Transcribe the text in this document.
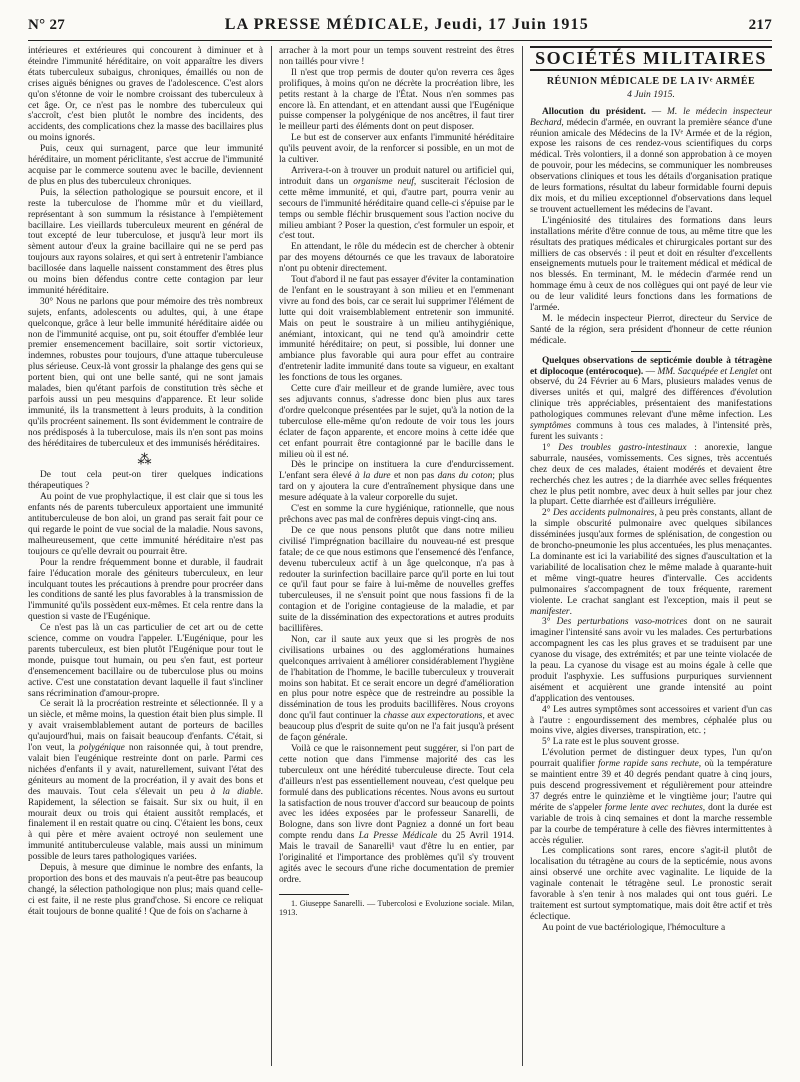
N° 27	LA PRESSE MÉDICALE, Jeudi, 17 Juin 1915	217

intérieures et extérieures qui concourent à diminuer et à éteindre l'immunité héréditaire, on voit apparaître les divers états tuberculeux subaigus, chroniques, émaillés ou non de crises aiguës bénignes ou graves de l'adolescence. C'est alors qu'on s'étonne de voir le nombre croissant des tuberculeux à cet âge. Or, ce n'est pas le nombre des tuberculeux qui s'accroît, c'est bien plutôt le nombre des incidents, des accidents, des complications chez la masse des bacillaires plus ou moins ignorés.

Puis, ceux qui surnagent, parce que leur immunité héréditaire, un moment périclitante, s'est accrue de l'immunité acquise par le commerce soutenu avec le bacille, deviennent de plus en plus des tuberculeux chroniques.

Puis, la sélection pathologique se poursuit encore, et il reste la tuberculose de l'homme mûr et du vieillard, représentant à son summum la résistance à l'empiètement bacillaire. Les vieillards tuberculeux meurent en général de tout excepté de leur tuberculose, et jusqu'à leur mort ils sèment autour d'eux la graine bacillaire qui ne se perd pas toujours aux rayons solaires, et qui sert à entretenir l'ambiance bacillosée dans laquelle naissent constamment des êtres plus ou moins bien défendus contre cette contagion par leur immunité héréditaire.

30° Nous ne parlons que pour mémoire des très nombreux sujets, enfants, adolescents ou adultes, qui, à une étape quelconque, grâce à leur belle immunité héréditaire aidée ou non de l'immunité acquise, ont pu, soit étouffer d'emblée leur premier ensemencement bacillaire, soit sortir victorieux, indemnes, robustes pour toujours, d'une attaque tuberculeuse plus sérieuse. Ceux-là vont grossir la phalange des gens qui se portent bien, qui ont une belle santé, qui ne sont jamais malades, bien qu'étant parfois de constitution très sèche et parfois aussi un peu mesquins d'apparence. Et leur solide immunité, ils la transmettent à leurs produits, à la condition qu'ils procréent sainement. Ils sont évidemment le contraire de nos prédisposés à la tuberculose, mais ils n'en sont pas moins des héréditaires de tuberculeux et des immunisés héréditaires.

⁂

De tout cela peut-on tirer quelques indications thérapeutiques ?

Au point de vue prophylactique, il est clair que si tous les enfants nés de parents tuberculeux apportaient une immunité antituberculeuse de bon aloi, un grand pas serait fait pour ce qui regarde le point de vue social de la maladie. Nous savons, malheureusement, que cette immunité héréditaire n'est pas toujours ce qu'elle devrait ou pourrait être.

Pour la rendre fréquemment bonne et durable, il faudrait faire l'éducation morale des géniteurs tuberculeux, en leur inculquant toutes les précautions à prendre pour procréer dans les conditions de santé les plus favorables à la transmission de l'immunité qu'ils possèdent eux-mêmes. Et cela rentre dans la question si vaste de l'Eugénique.

Ce n'est pas là un cas particulier de cet art ou de cette science, comme on voudra l'appeler. L'Eugénique, pour les parents tuberculeux, est bien plutôt l'Eugénique pour tout le monde, puisque tout humain, ou peu s'en faut, est porteur d'ensemencement bacillaire ou de tuberculose plus ou moins active. C'est une constatation devant laquelle il faut s'incliner sans récrimination d'amour-propre.

Ce serait là la procréation restreinte et sélectionnée. Il y a un siècle, et même moins, la question était bien plus simple. Il y avait vraisemblablement autant de porteurs de bacilles qu'aujourd'hui, mais on faisait beaucoup d'enfants. C'était, si l'on veut, la polygénique non raisonnée qui, à tout prendre, valait bien l'eugénique restreinte dont on parle. Parmi ces nichées d'enfants il y avait, naturellement, suivant l'état des géniteurs au moment de la procréation, il y avait des bons et des mauvais. Tout cela s'élevait un peu à la diable. Rapidement, la sélection se faisait. Sur six ou huit, il en mourait deux ou trois qui étaient aussitôt remplacés, et finalement il en restait quatre ou cinq. C'étaient les bons, ceux à qui père et mère avaient octroyé non seulement une immunité antituberculeuse valable, mais aussi un minimum possible de leurs tares pathologiques variées.

Depuis, à mesure que diminue le nombre des enfants, la proportion des bons et des mauvais n'a peut-être pas beaucoup changé, la sélection pathologique non plus; mais quand celle-ci est faite, il ne reste plus grand'chose. Si encore ce reliquat était toujours de bonne qualité ! Que de fois on s'acharne à

arracher à la mort pour un temps souvent restreint des êtres non taillés pour vivre !

Il n'est que trop permis de douter qu'on reverra ces âges prolifiques, à moins qu'on ne décrète la procréation libre, les petits restant à la charge de l'État. Nous n'en sommes pas encore là. En attendant, et en attendant aussi que l'Eugénique puisse compenser la polygénique de nos ancêtres, il faut tirer le meilleur parti des éléments dont on peut disposer.

Le but est de conserver aux enfants l'immunité héréditaire qu'ils peuvent avoir, de la renforcer si possible, en un mot de la cultiver.

Arrivera-t-on à trouver un produit naturel ou artificiel qui, introduit dans un organisme neuf, susciterait l'éclosion de cette même immunité, et qui, d'autre part, pourra venir au secours de l'immunité héréditaire quand celle-ci s'épuise par le temps ou semble fléchir brusquement sous l'action nocive du milieu ambiant ? Poser la question, c'est formuler un espoir, et c'est tout.

En attendant, le rôle du médecin est de chercher à obtenir par des moyens détournés ce que les travaux de laboratoire n'ont pu obtenir directement.

Tout d'abord il ne faut pas essayer d'éviter la contamination de l'enfant en le soustrayant à son milieu et en l'emmenant vivre au fond des bois, car ce serait lui supprimer l'élément de lutte qui doit vraisemblablement entretenir son immunité. Mais on peut le soustraire à un milieu antihygiénique, anémiant, intoxicant, qui ne tend qu'à amoindrir cette immunité héréditaire; on peut, si possible, lui donner une ambiance plus favorable qui aura pour effet au contraire d'entretenir ladite immunité dans toute sa vigueur, en exaltant les fonctions de tous les organes.

Cette cure d'air meilleur et de grande lumière, avec tous ses adjuvants connus, s'adresse donc bien plus aux tares d'ordre quelconque présentées par le sujet, qu'à la notion de la tuberculose elle-même qu'on redoute de voir tous les jours éclater de façon apparente, et encore moins à cette idée que cet enfant pourrait être contagionné par le bacille dans le milieu où il est né.

Dès le principe on instituera la cure d'endurcissement. L'enfant sera élevé à la dure et non pas dans du coton; plus tard on y ajoutera la cure d'entraînement physique dans une mesure adéquate à la valeur corporelle du sujet.

C'est en somme la cure hygiénique, rationnelle, que nous prêchons avec pas mal de confrères depuis vingt-cinq ans.

De ce que nous pensons plutôt que dans notre milieu civilisé l'imprégnation bacillaire du nouveau-né est presque fatale; de ce que nous estimons que l'ensemencé dès l'enfance, devenu tuberculeux actif à un âge quelconque, n'a pas à redouter la surinfection bacillaire parce qu'il porte en lui tout ce qu'il faut pour se faire à lui-même de nouvelles greffes tuberculeuses, il ne s'ensuit point que nous fassions fi de la contagion et de l'origine contagieuse de la maladie, et par suite de la dissémination des expectorations et autres produits bacillifères.

Non, car il saute aux yeux que si les progrès de nos civilisations urbaines ou des agglomérations humaines quelconques arrivaient à améliorer considérablement l'hygiène de l'habitation de l'homme, le bacille tuberculeux y trouverait moins son habitat. Et ce serait encore un degré d'amélioration en plus pour notre espèce que de restreindre au possible la dissémination de tous les produits bacillifères. Nous croyons donc qu'il faut continuer la chasse aux expectorations, et avec beaucoup plus d'esprit de suite qu'on ne l'a fait jusqu'à présent de façon générale.

Voilà ce que le raisonnement peut suggérer, si l'on part de cette notion que dans l'immense majorité des cas les tuberculeux ont une hérédité tuberculeuse directe. Tout cela d'ailleurs n'est pas essentiellement nouveau, c'est quelque peu formulé dans des publications récentes. Nous avons eu surtout la satisfaction de nous trouver d'accord sur beaucoup de points avec les idées exposées par le professeur Sanarelli, de Bologne, dans son livre dont Pagniez a donné un fort beau compte rendu dans La Presse Médicale du 25 Avril 1914. Mais le travail de Sanarelli¹ vaut d'être lu en entier, par l'originalité et l'importance des problèmes qu'il s'y trouvent agités avec le secours d'une riche documentation de premier ordre.

1. Giuseppe Sanarelli. — Tubercolosi e Evoluzione sociale. Milan, 1913.

SOCIÉTÉS MILITAIRES
RÉUNION MÉDICALE DE LA IVᵉ ARMÉE
4 Juin 1915.

Allocution du président. — M. le médecin inspecteur Bechard, médecin d'armée, en ouvrant la première séance d'une réunion amicale des Médecins de la IVᵉ Armée et de la région, expose les raisons de ces rendez-vous scientifiques du corps médical. Très volontiers, il a donné son approbation à ce moyen de pouvoir, pour les médecins, se communiquer les nombreuses observations cliniques et tous les détails d'organisation pratique de leurs formations, résultat du labeur formidable fourni depuis dix mois, et du milieu exceptionnel d'observations dans lequel se trouvent actuellement les médecins de l'avant.

L'ingéniosité des titulaires des formations dans leurs installations mérite d'être connue de tous, au même titre que les résultats des pratiques médicales et chirurgicales portant sur des milliers de cas observés : il peut et doit en résulter d'excellents enseignements mutuels pour le traitement médical et médical de nos blessés. En terminant, M. le médecin d'armée rend un hommage ému à ceux de nos collègues qui ont payé de leur vie ou de leur validité leurs fonctions dans les formations de l'armée.

M. le médecin inspecteur Pierrot, directeur du Service de Santé de la région, sera président d'honneur de cette réunion médicale.

Quelques observations de septicémie double à tétragène et diplocoque (entérocoque). — MM. Sacquépée et Lenglet ont observé, du 24 Février au 6 Mars, plusieurs malades venus de diverses unités et qui, malgré des différences d'évolution clinique très appréciables, présentaient des manifestations pathologiques communes relevant d'une même infection. Les symptômes communs à tous ces malades, à l'intensité près, furent les suivants :

1° Des troubles gastro-intestinaux : anorexie, langue saburrale, nausées, vomissements. Ces signes, très accentués chez deux de ces malades, étaient modérés et devaient être recherchés chez les autres ; de la diarrhée avec selles fréquentes chez le plus petit nombre, avec deux à huit selles par jour chez la plupart. Cette diarrhée est d'ailleurs irrégulière.

2° Des accidents pulmonaires, à peu près constants, allant de la simple obscurité pulmonaire avec quelques sibilances disséminées jusqu'aux formes de splénisation, de congestion ou de broncho-pneumonie les plus accentuées, les plus menaçantes. La dominante est ici la variabilité des signes d'auscultation et la variabilité de localisation chez le même malade à quarante-huit et même vingt-quatre heures d'intervalle. Ces accidents pulmonaires s'accompagnent de toux fréquente, rarement violente. Le crachat sanglant est l'exception, mais il peut se manifester.

3° Des perturbations vaso-motrices dont on ne saurait imaginer l'intensité sans avoir vu les malades. Ces perturbations accompagnent les cas les plus graves et se traduisent par une cyanose du visage, des extrémités; et par une teinte violacée de la peau. La cyanose du visage est au moins égale à celle que produit l'asphyxie. Les suffusions purpuriques surviennent aisément et acquièrent une grande intensité au point d'application des ventouses.

4° Les autres symptômes sont accessoires et varient d'un cas à l'autre : engourdissement des membres, céphalée plus ou moins vive, algies diverses, transpiration, etc. ;

5° La rate est le plus souvent grosse.

L'évolution permet de distinguer deux types, l'un qu'on pourrait qualifier forme rapide sans rechute, où la température se maintient entre 39 et 40 degrés pendant quatre à cinq jours, puis descend progressivement et régulièrement pour atteindre 37 degrés entre le quinzième et le vingtième jour; l'autre qui mérite de s'appeler forme lente avec rechutes, dont la durée est variable de trois à cinq semaines et dont la marche ressemble par la courbe de température à celle des fièvres intermittentes à accès régulier.

Les complications sont rares, encore s'agit-il plutôt de localisation du tétragène au cours de la septicémie, nous avons ainsi observé une orchite avec vaginalite. Le liquide de la vaginale contenait le tétragène seul. Le pronostic serait favorable à s'en tenir à nos malades qui ont tous guéri. Le traitement est surtout symptomatique, mais doit être actif et très éclectique.

Au point de vue bactériologique, l'hémoculture a
